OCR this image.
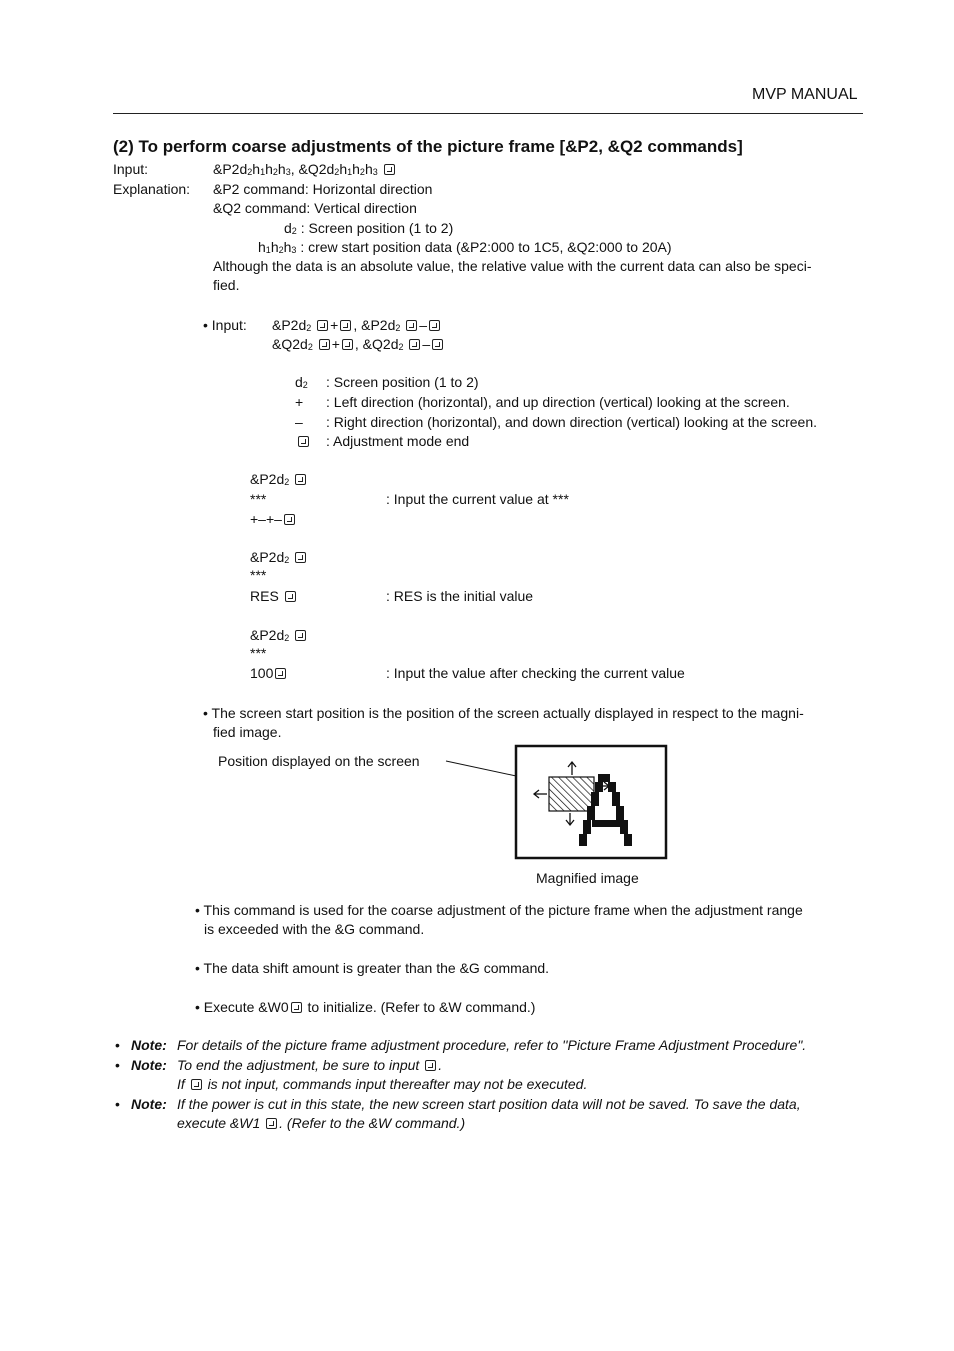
MVP MANUAL
(2) To perform coarse adjustments of the picture frame [&P2, &Q2 commands]
Input:	$\&P2d_2h_1h_2h_3$, $\&Q2d_2h_1h_2h_3$
Explanation: &P2 command: Horizontal direction
&Q2 command: Vertical direction
$d_2$ : Screen position (1 to 2)
$h_1h_2h_3$ : crew start position data (&P2:000 to 1C5, &Q2:000 to 20A)
Although the data is an absolute value, the relative value with the current data can also be speci-
fied.
• Input: $\&P2d_2$ + , $\&P2d_2$ –
$\&Q2d_2$ + , $\&Q2d_2$ –
$d_2$ : Screen position (1 to 2)
+ : Left direction (horizontal), and up direction (vertical) looking at the screen.
– : Right direction (horizontal), and down direction (vertical) looking at the screen.
: Adjustment mode end
$\&P2d_2$
***	: Input the current value at ***
+–+–
$\&P2d_2$
***
RES	: RES is the initial value
$\&P2d_2$
***
100	: Input the value after checking the current value
• The screen start position is the position of the screen actually displayed in respect to the magni-
fied image.
Position displayed on the screen
Magnified image
• This command is used for the coarse adjustment of the picture frame when the adjustment range
is exceeded with the &G command.
• The data shift amount is greater than the &G command.
• Execute &W0 to initialize. (Refer to &W command.)
• Note: For details of the picture frame adjustment procedure, refer to ''Picture Frame Adjustment Procedure".
• Note: To end the adjustment, be sure to input .
If is not input, commands input thereafter may not be executed.
• Note: If the power is cut in this state, the new screen start position data will not be saved. To save the data,
execute &W1 . (Refer to the &W command.)
